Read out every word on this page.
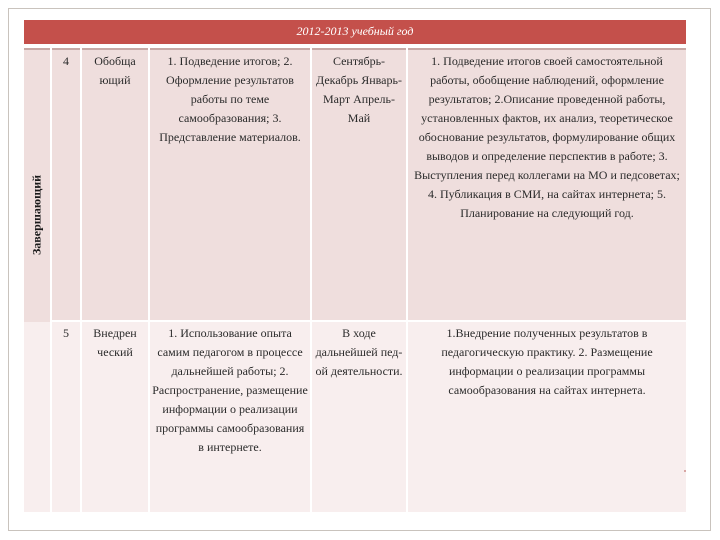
2012-2013 учебный год
Завершающий
4	Обобща ющий
1. Подведение итогов; 2. Оформление результатов работы по теме самообразования; 3. Представление материалов.
Сентябрь-Декабрь Январь-Март Апрель-Май
1. Подведение итогов своей самостоятельной работы, обобщение наблюдений, оформление результатов; 2.Описание проведенной работы, установленных фактов, их анализ, теоретическое обоснование результатов, формулирование общих выводов и определение перспектив в работе; 3. Выступления перед коллегами на МО и педсоветах; 4. Публикация в СМИ, на сайтах интернета; 5. Планирование на следующий год.
5	Внедрен ческий
1. Использование опыта самим педагогом в процессе дальнейшей работы; 2. Распространение, размещение информации о реализации программы самообразования в интернете.
В ходе дальнейшей пед-ой деятельности.
1.Внедрение полученных результатов в педагогическую практику. 2. Размещение информации о реализации программы самообразования на сайтах интернета.
